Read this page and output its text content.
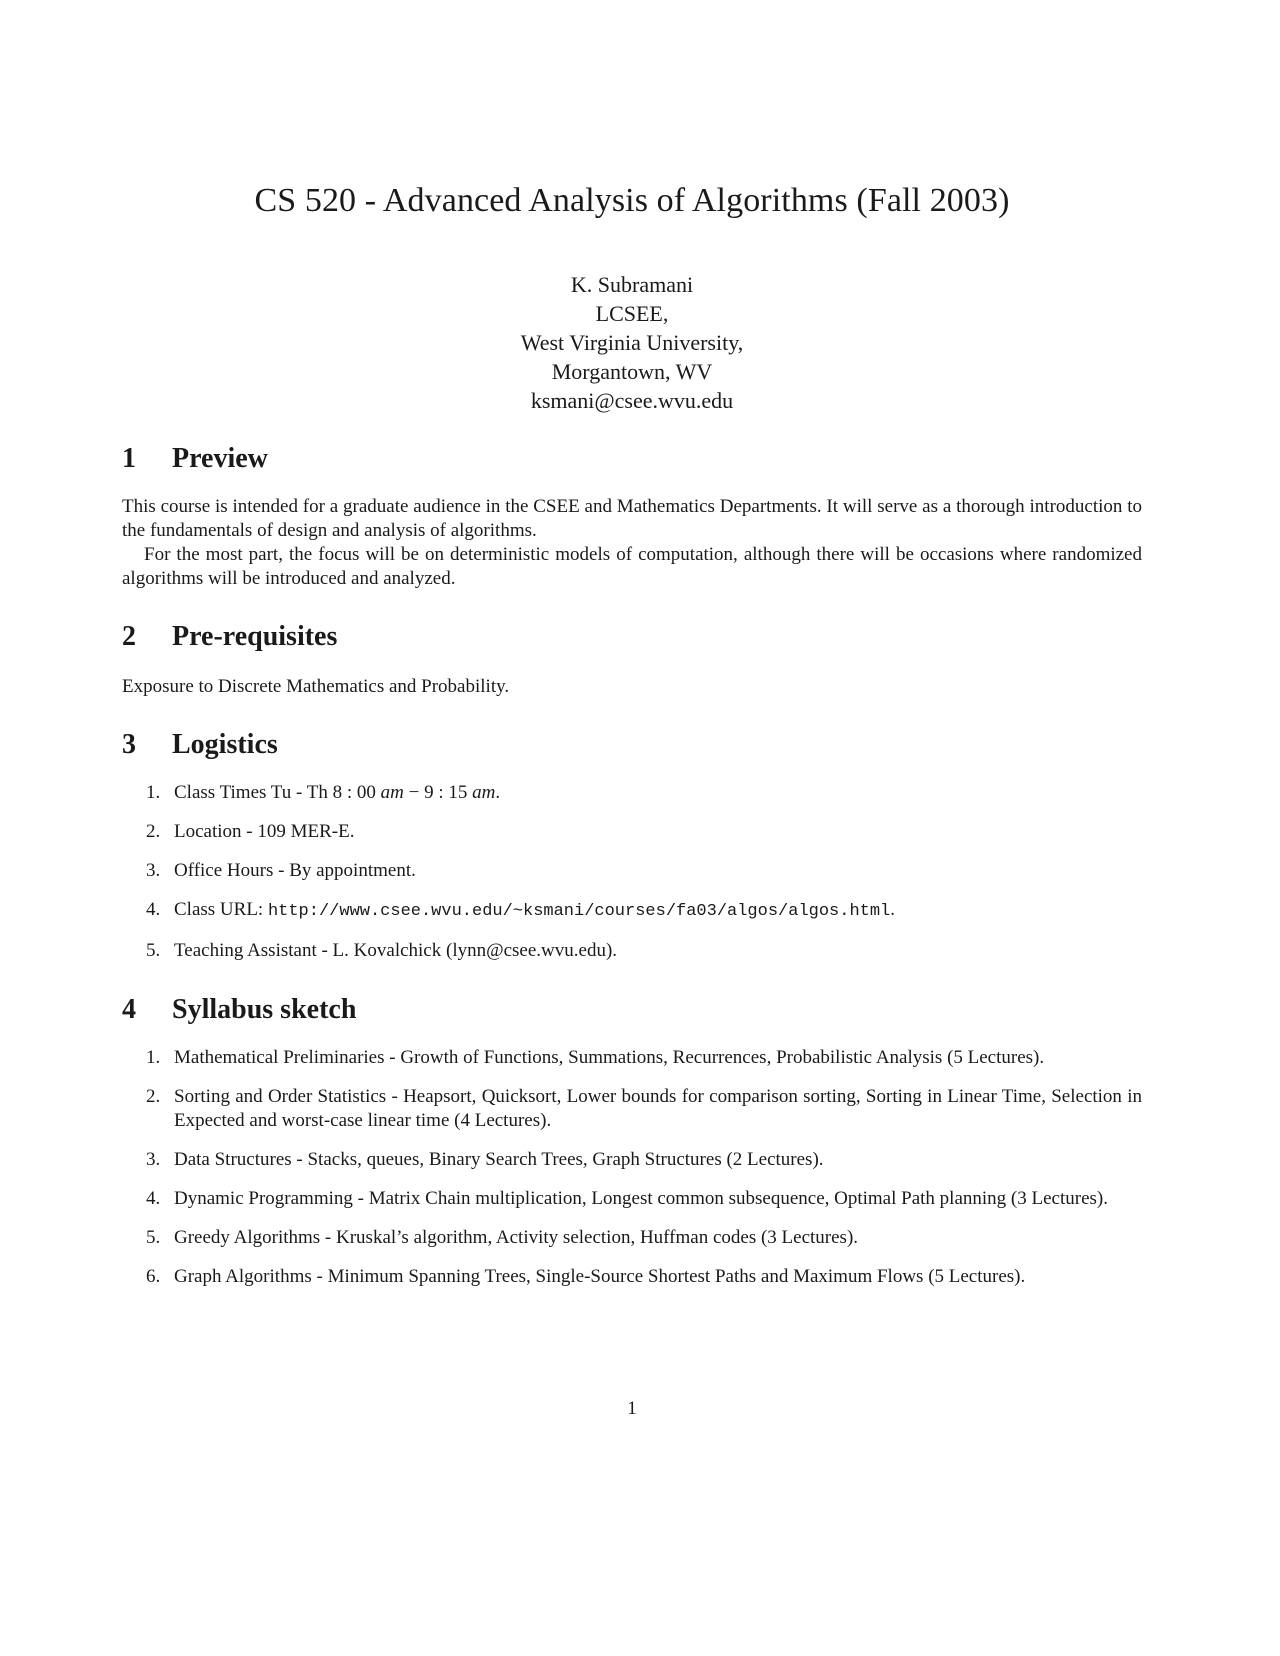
CS 520 - Advanced Analysis of Algorithms (Fall 2003)
K. Subramani
LCSEE,
West Virginia University,
Morgantown, WV
ksmani@csee.wvu.edu
1	Preview

This course is intended for a graduate audience in the CSEE and Mathematics Departments. It will serve as a thorough introduction to the fundamentals of design and analysis of algorithms.

For the most part, the focus will be on deterministic models of computation, although there will be occasions where randomized algorithms will be introduced and analyzed.

2	Pre-requisites

Exposure to Discrete Mathematics and Probability.

3	Logistics
1. Class Times Tu - Th 8 : 00 am − 9 : 15 am.
2. Location - 109 MER-E.
3. Office Hours - By appointment.
4. Class URL: http://www.csee.wvu.edu/~ksmani/courses/fa03/algos/algos.html.
5. Teaching Assistant - L. Kovalchick (lynn@csee.wvu.edu).
4	Syllabus sketch
1. Mathematical Preliminaries - Growth of Functions, Summations, Recurrences, Probabilistic Analysis (5 Lectures).
2. Sorting and Order Statistics - Heapsort, Quicksort, Lower bounds for comparison sorting, Sorting in Linear Time, Selection in Expected and worst-case linear time (4 Lectures).
3. Data Structures - Stacks, queues, Binary Search Trees, Graph Structures (2 Lectures).
4. Dynamic Programming - Matrix Chain multiplication, Longest common subsequence, Optimal Path planning (3 Lectures).
5. Greedy Algorithms - Kruskal’s algorithm, Activity selection, Huffman codes (3 Lectures).
6. Graph Algorithms - Minimum Spanning Trees, Single-Source Shortest Paths and Maximum Flows (5 Lectures).
1
